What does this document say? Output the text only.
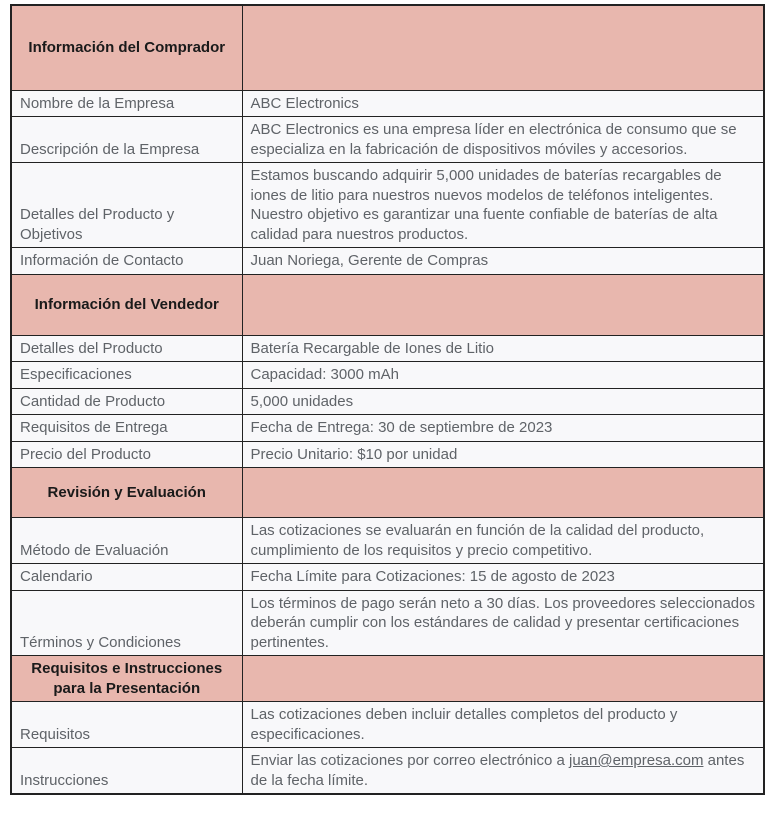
Información del Comprador	
Nombre de la Empresa	ABC Electronics
Descripción de la Empresa	ABC Electronics es una empresa líder en electrónica de consumo que se especializa en la fabricación de dispositivos móviles y accesorios.
Detalles del Producto y Objetivos	Estamos buscando adquirir 5,000 unidades de baterías recargables de iones de litio para nuestros nuevos modelos de teléfonos inteligentes. Nuestro objetivo es garantizar una fuente confiable de baterías de alta calidad para nuestros productos.
Información de Contacto	Juan Noriega, Gerente de Compras
Información del Vendedor	
Detalles del Producto	Batería Recargable de Iones de Litio
Especificaciones	Capacidad: 3000 mAh
Cantidad de Producto	5,000 unidades
Requisitos de Entrega	Fecha de Entrega: 30 de septiembre de 2023
Precio del Producto	Precio Unitario: $10 por unidad
Revisión y Evaluación	
Método de Evaluación	Las cotizaciones se evaluarán en función de la calidad del producto, cumplimiento de los requisitos y precio competitivo.
Calendario	Fecha Límite para Cotizaciones: 15 de agosto de 2023
Términos y Condiciones	Los términos de pago serán neto a 30 días. Los proveedores seleccionados deberán cumplir con los estándares de calidad y presentar certificaciones pertinentes.
Requisitos e Instrucciones para la Presentación	
Requisitos	Las cotizaciones deben incluir detalles completos del producto y especificaciones.
Instrucciones	Enviar las cotizaciones por correo electrónico a juan@empresa.com antes de la fecha límite.
